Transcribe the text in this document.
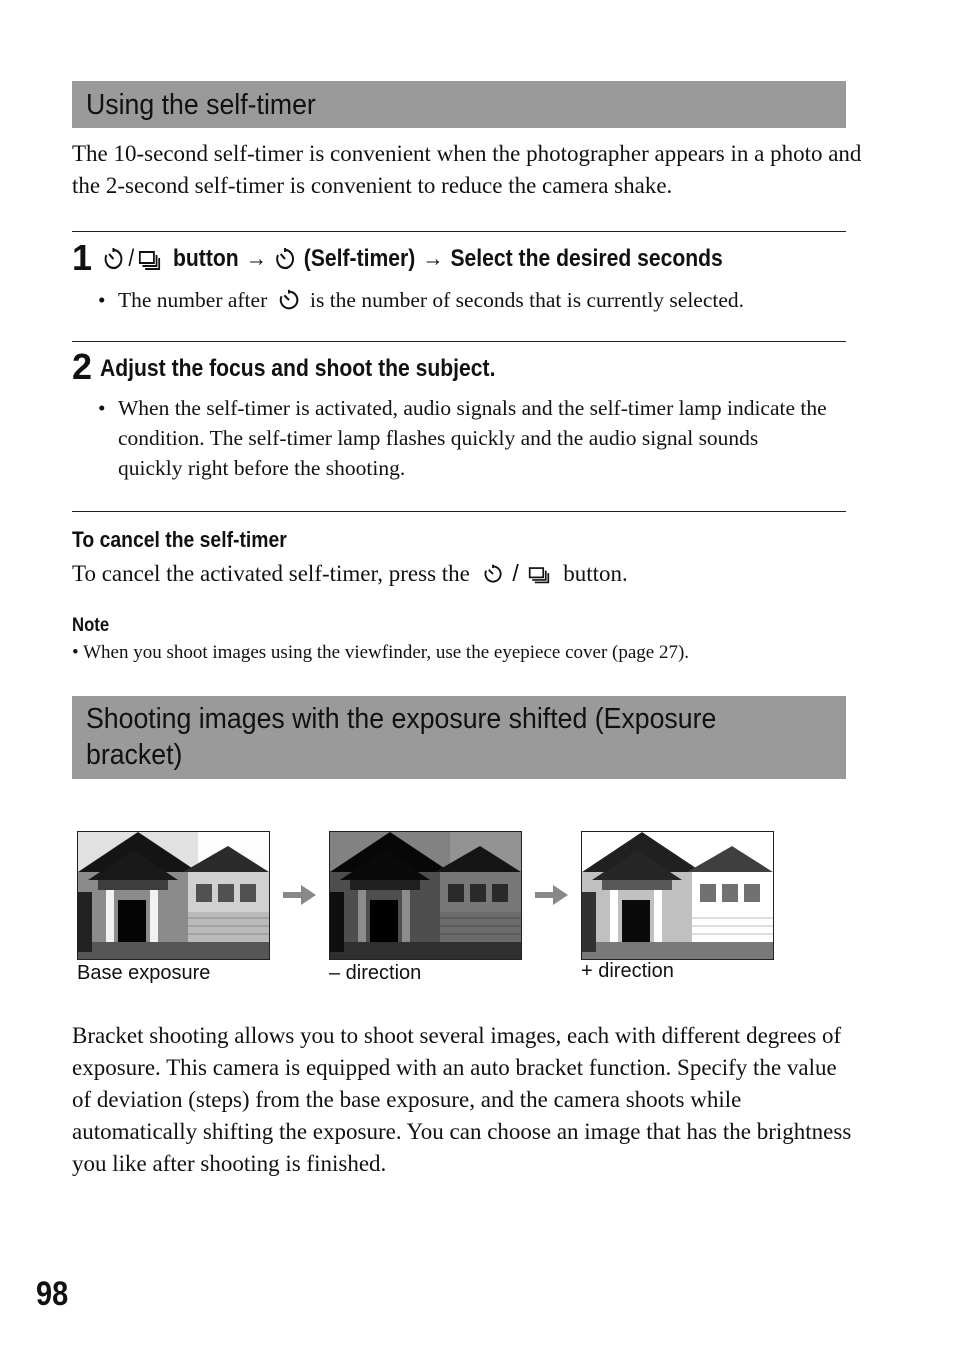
Using the self-timer

The 10-second self-timer is convenient when the photographer appears in a photo and the 2-second self-timer is convenient to reduce the camera shake.

1 / button → (Self-timer) → Select the desired seconds
• The number after is the number of seconds that is currently selected.
2 Adjust the focus and shoot the subject.
• When the self-timer is activated, audio signals and the self-timer lamp indicate the condition. The self-timer lamp flashes quickly and the audio signal sounds quickly right before the shooting.
To cancel the self-timer
To cancel the activated self-timer, press the / button.
Note
• When you shoot images using the viewfinder, use the eyepiece cover (page 27).
Shooting images with the exposure shifted (Exposure
bracket)
Base exposure	– direction	+ direction

Bracket shooting allows you to shoot several images, each with different degrees of exposure. This camera is equipped with an auto bracket function. Specify the value of deviation (steps) from the base exposure, and the camera shoots while automatically shifting the exposure. You can choose an image that has the brightness you like after shooting is finished.

98
